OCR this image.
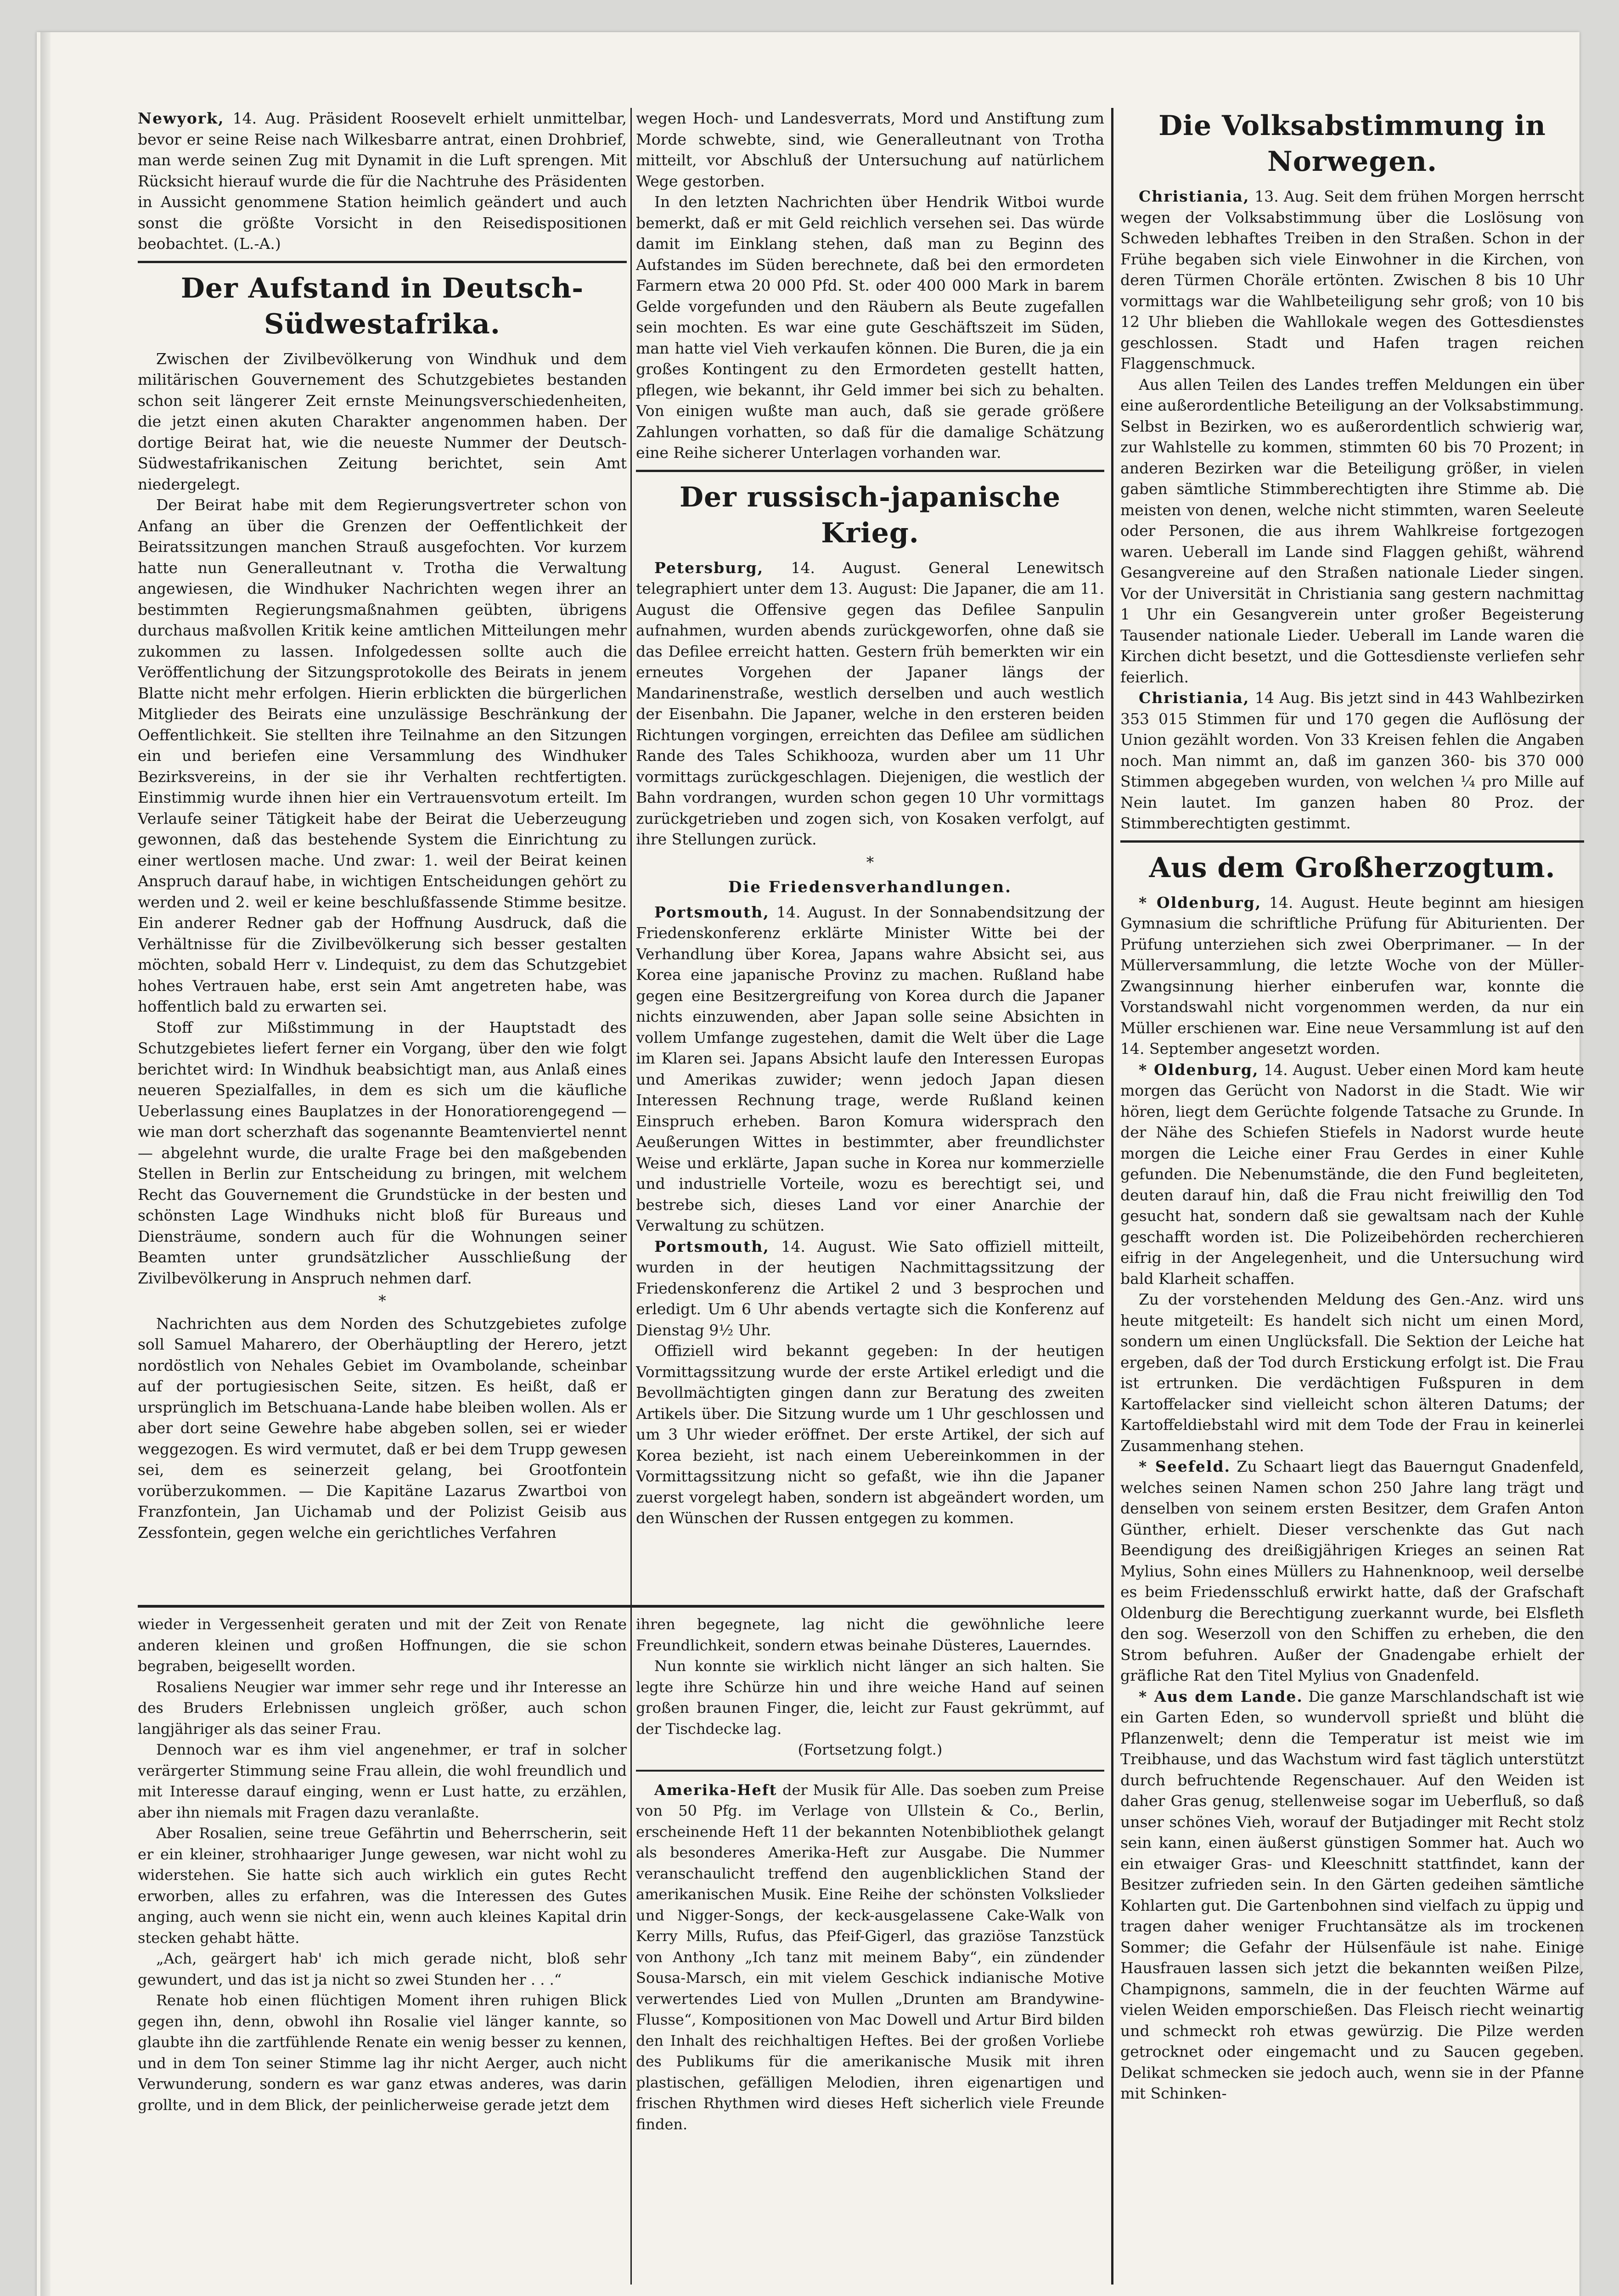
Newyork, 14. Aug. Präsident Roosevelt erhielt unmittelbar, bevor er seine Reise nach Wilkesbarre antrat, einen Drohbrief, man werde seinen Zug mit Dynamit in die Luft sprengen. Mit Rücksicht hierauf wurde die für die Nachtruhe des Präsidenten in Aussicht genommene Station heimlich geändert und auch sonst die größte Vorsicht in den Reisedispositionen beobachtet. (L.-A.)

Der Aufstand in Deutsch-Südwestafrika.

Zwischen der Zivilbevölkerung von Windhuk und dem militärischen Gouvernement des Schutzgebietes bestanden schon seit längerer Zeit ernste Meinungsverschiedenheiten, die jetzt einen akuten Charakter angenommen haben. Der dortige Beirat hat, wie die neueste Nummer der Deutsch-Südwestafrikanischen Zeitung berichtet, sein Amt niedergelegt.

Der Beirat habe mit dem Regierungsvertreter schon von Anfang an über die Grenzen der Oeffentlichkeit der Beiratssitzungen manchen Strauß ausgefochten. Vor kurzem hatte nun Generalleutnant v. Trotha die Verwaltung angewiesen, die Windhuker Nachrichten wegen ihrer an bestimmten Regierungsmaßnahmen geübten, übrigens durchaus maßvollen Kritik keine amtlichen Mitteilungen mehr zukommen zu lassen. Infolgedessen sollte auch die Veröffentlichung der Sitzungsprotokolle des Beirats in jenem Blatte nicht mehr erfolgen. Hierin erblickten die bürgerlichen Mitglieder des Beirats eine unzulässige Beschränkung der Oeffentlichkeit. Sie stellten ihre Teilnahme an den Sitzungen ein und beriefen eine Versammlung des Windhuker Bezirksvereins, in der sie ihr Verhalten rechtfertigten. Einstimmig wurde ihnen hier ein Vertrauensvotum erteilt. Im Verlaufe seiner Tätigkeit habe der Beirat die Ueberzeugung gewonnen, daß das bestehende System die Einrichtung zu einer wertlosen mache. Und zwar: 1. weil der Beirat keinen Anspruch darauf habe, in wichtigen Entscheidungen gehört zu werden und 2. weil er keine beschlußfassende Stimme besitze. Ein anderer Redner gab der Hoffnung Ausdruck, daß die Verhältnisse für die Zivilbevölkerung sich besser gestalten möchten, sobald Herr v. Lindequist, zu dem das Schutzgebiet hohes Vertrauen habe, erst sein Amt angetreten habe, was hoffentlich bald zu erwarten sei.

Stoff zur Mißstimmung in der Hauptstadt des Schutzgebietes liefert ferner ein Vorgang, über den wie folgt berichtet wird: In Windhuk beabsichtigt man, aus Anlaß eines neueren Spezialfalles, in dem es sich um die käufliche Ueberlassung eines Bauplatzes in der Honoratiorengegend — wie man dort scherzhaft das sogenannte Beamtenviertel nennt — abgelehnt wurde, die uralte Frage bei den maßgebenden Stellen in Berlin zur Entscheidung zu bringen, mit welchem Recht das Gouvernement die Grundstücke in der besten und schönsten Lage Windhuks nicht bloß für Bureaus und Diensträume, sondern auch für die Wohnungen seiner Beamten unter grundsätzlicher Ausschließung der Zivilbevölkerung in Anspruch nehmen darf.

*

Nachrichten aus dem Norden des Schutzgebietes zufolge soll Samuel Maharero, der Oberhäuptling der Herero, jetzt nordöstlich von Nehales Gebiet im Ovambolande, scheinbar auf der portugiesischen Seite, sitzen. Es heißt, daß er ursprünglich im Betschuana-Lande habe bleiben wollen. Als er aber dort seine Gewehre habe abgeben sollen, sei er wieder weggezogen. Es wird vermutet, daß er bei dem Trupp gewesen sei, dem es seinerzeit gelang, bei Grootfontein vorüberzukommen. — Die Kapitäne Lazarus Zwartboi von Franzfontein, Jan Uichamab und der Polizist Geisib aus Zessfontein, gegen welche ein gerichtliches Verfahren

wegen Hoch- und Landesverrats, Mord und Anstiftung zum Morde schwebte, sind, wie Generalleutnant von Trotha mitteilt, vor Abschluß der Untersuchung auf natürlichem Wege gestorben.

In den letzten Nachrichten über Hendrik Witboi wurde bemerkt, daß er mit Geld reichlich versehen sei. Das würde damit im Einklang stehen, daß man zu Beginn des Aufstandes im Süden berechnete, daß bei den ermordeten Farmern etwa 20 000 Pfd. St. oder 400 000 Mark in barem Gelde vorgefunden und den Räubern als Beute zugefallen sein mochten. Es war eine gute Geschäftszeit im Süden, man hatte viel Vieh verkaufen können. Die Buren, die ja ein großes Kontingent zu den Ermordeten gestellt hatten, pflegen, wie bekannt, ihr Geld immer bei sich zu behalten. Von einigen wußte man auch, daß sie gerade größere Zahlungen vorhatten, so daß für die damalige Schätzung eine Reihe sicherer Unterlagen vorhanden war.

Der russisch-japanische Krieg.

Petersburg, 14. August. General Lenewitsch telegraphiert unter dem 13. August: Die Japaner, die am 11. August die Offensive gegen das Defilee Sanpulin aufnahmen, wurden abends zurückgeworfen, ohne daß sie das Defilee erreicht hatten. Gestern früh bemerkten wir ein erneutes Vorgehen der Japaner längs der Mandarinenstraße, westlich derselben und auch westlich der Eisenbahn. Die Japaner, welche in den ersteren beiden Richtungen vorgingen, erreichten das Defilee am südlichen Rande des Tales Schikhooza, wurden aber um 11 Uhr vormittags zurückgeschlagen. Diejenigen, die westlich der Bahn vordrangen, wurden schon gegen 10 Uhr vormittags zurückgetrieben und zogen sich, von Kosaken verfolgt, auf ihre Stellungen zurück.

*
Die Friedensverhandlungen.

Portsmouth, 14. August. In der Sonnabendsitzung der Friedenskonferenz erklärte Minister Witte bei der Verhandlung über Korea, Japans wahre Absicht sei, aus Korea eine japanische Provinz zu machen. Rußland habe gegen eine Besitzergreifung von Korea durch die Japaner nichts einzuwenden, aber Japan solle seine Absichten in vollem Umfange zugestehen, damit die Welt über die Lage im Klaren sei. Japans Absicht laufe den Interessen Europas und Amerikas zuwider; wenn jedoch Japan diesen Interessen Rechnung trage, werde Rußland keinen Einspruch erheben. Baron Komura widersprach den Aeußerungen Wittes in bestimmter, aber freundlichster Weise und erklärte, Japan suche in Korea nur kommerzielle und industrielle Vorteile, wozu es berechtigt sei, und bestrebe sich, dieses Land vor einer Anarchie der Verwaltung zu schützen.

Portsmouth, 14. August. Wie Sato offiziell mitteilt, wurden in der heutigen Nachmittagssitzung der Friedenskonferenz die Artikel 2 und 3 besprochen und erledigt. Um 6 Uhr abends vertagte sich die Konferenz auf Dienstag 9½ Uhr.

Offiziell wird bekannt gegeben: In der heutigen Vormittagssitzung wurde der erste Artikel erledigt und die Bevollmächtigten gingen dann zur Beratung des zweiten Artikels über. Die Sitzung wurde um 1 Uhr geschlossen und um 3 Uhr wieder eröffnet. Der erste Artikel, der sich auf Korea bezieht, ist nach einem Uebereinkommen in der Vormittagssitzung nicht so gefaßt, wie ihn die Japaner zuerst vorgelegt haben, sondern ist abgeändert worden, um den Wünschen der Russen entgegen zu kommen.

Die Volksabstimmung in Norwegen.

Christiania, 13. Aug. Seit dem frühen Morgen herrscht wegen der Volksabstimmung über die Loslösung von Schweden lebhaftes Treiben in den Straßen. Schon in der Frühe begaben sich viele Einwohner in die Kirchen, von deren Türmen Choräle ertönten. Zwischen 8 bis 10 Uhr vormittags war die Wahlbeteiligung sehr groß; von 10 bis 12 Uhr blieben die Wahllokale wegen des Gottesdienstes geschlossen. Stadt und Hafen tragen reichen Flaggenschmuck.

Aus allen Teilen des Landes treffen Meldungen ein über eine außerordentliche Beteiligung an der Volksabstimmung. Selbst in Bezirken, wo es außerordentlich schwierig war, zur Wahlstelle zu kommen, stimmten 60 bis 70 Prozent; in anderen Bezirken war die Beteiligung größer, in vielen gaben sämtliche Stimmberechtigten ihre Stimme ab. Die meisten von denen, welche nicht stimmten, waren Seeleute oder Personen, die aus ihrem Wahlkreise fortgezogen waren. Ueberall im Lande sind Flaggen gehißt, während Gesangvereine auf den Straßen nationale Lieder singen. Vor der Universität in Christiania sang gestern nachmittag 1 Uhr ein Gesangverein unter großer Begeisterung Tausender nationale Lieder. Ueberall im Lande waren die Kirchen dicht besetzt, und die Gottesdienste verliefen sehr feierlich.

Christiania, 14 Aug. Bis jetzt sind in 443 Wahlbezirken 353 015 Stimmen für und 170 gegen die Auflösung der Union gezählt worden. Von 33 Kreisen fehlen die Angaben noch. Man nimmt an, daß im ganzen 360- bis 370 000 Stimmen abgegeben wurden, von welchen ¼ pro Mille auf Nein lautet. Im ganzen haben 80 Proz. der Stimmberechtigten gestimmt.

Aus dem Großherzogtum.

* Oldenburg, 14. August. Heute beginnt am hiesigen Gymnasium die schriftliche Prüfung für Abiturienten. Der Prüfung unterziehen sich zwei Oberprimaner. — In der Müllerversammlung, die letzte Woche von der Müller-Zwangsinnung hierher einberufen war, konnte die Vorstandswahl nicht vorgenommen werden, da nur ein Müller erschienen war. Eine neue Versammlung ist auf den 14. September angesetzt worden.

* Oldenburg, 14. August. Ueber einen Mord kam heute morgen das Gerücht von Nadorst in die Stadt. Wie wir hören, liegt dem Gerüchte folgende Tatsache zu Grunde. In der Nähe des Schiefen Stiefels in Nadorst wurde heute morgen die Leiche einer Frau Gerdes in einer Kuhle gefunden. Die Nebenumstände, die den Fund begleiteten, deuten darauf hin, daß die Frau nicht freiwillig den Tod gesucht hat, sondern daß sie gewaltsam nach der Kuhle geschafft worden ist. Die Polizeibehörden recherchieren eifrig in der Angelegenheit, und die Untersuchung wird bald Klarheit schaffen.

Zu der vorstehenden Meldung des Gen.-Anz. wird uns heute mitgeteilt: Es handelt sich nicht um einen Mord, sondern um einen Unglücksfall. Die Sektion der Leiche hat ergeben, daß der Tod durch Erstickung erfolgt ist. Die Frau ist ertrunken. Die verdächtigen Fußspuren in dem Kartoffelacker sind vielleicht schon älteren Datums; der Kartoffeldiebstahl wird mit dem Tode der Frau in keinerlei Zusammenhang stehen.

* Seefeld. Zu Schaart liegt das Bauerngut Gnadenfeld, welches seinen Namen schon 250 Jahre lang trägt und denselben von seinem ersten Besitzer, dem Grafen Anton Günther, erhielt. Dieser verschenkte das Gut nach Beendigung des dreißigjährigen Krieges an seinen Rat Mylius, Sohn eines Müllers zu Hahnenknoop, weil derselbe es beim Friedensschluß erwirkt hatte, daß der Grafschaft Oldenburg die Berechtigung zuerkannt wurde, bei Elsfleth den sog. Weserzoll von den Schiffen zu erheben, die den Strom befuhren. Außer der Gnadengabe erhielt der gräfliche Rat den Titel Mylius von Gnadenfeld.

* Aus dem Lande. Die ganze Marschlandschaft ist wie ein Garten Eden, so wundervoll sprießt und blüht die Pflanzenwelt; denn die Temperatur ist meist wie im Treibhause, und das Wachstum wird fast täglich unterstützt durch befruchtende Regenschauer. Auf den Weiden ist daher Gras genug, stellenweise sogar im Ueberfluß, so daß unser schönes Vieh, worauf der Butjadinger mit Recht stolz sein kann, einen äußerst günstigen Sommer hat. Auch wo ein etwaiger Gras- und Kleeschnitt stattfindet, kann der Besitzer zufrieden sein. In den Gärten gedeihen sämtliche Kohlarten gut. Die Gartenbohnen sind vielfach zu üppig und tragen daher weniger Fruchtansätze als im trockenen Sommer; die Gefahr der Hülsenfäule ist nahe. Einige Hausfrauen lassen sich jetzt die bekannten weißen Pilze, Champignons, sammeln, die in der feuchten Wärme auf vielen Weiden emporschießen. Das Fleisch riecht weinartig und schmeckt roh etwas gewürzig. Die Pilze werden getrocknet oder eingemacht und zu Saucen gegeben. Delikat schmecken sie jedoch auch, wenn sie in der Pfanne mit Schinken-

wieder in Vergessenheit geraten und mit der Zeit von Renate anderen kleinen und großen Hoffnungen, die sie schon begraben, beigesellt worden.

Rosaliens Neugier war immer sehr rege und ihr Interesse an des Bruders Erlebnissen ungleich größer, auch schon langjähriger als das seiner Frau.

Dennoch war es ihm viel angenehmer, er traf in solcher verärgerter Stimmung seine Frau allein, die wohl freundlich und mit Interesse darauf einging, wenn er Lust hatte, zu erzählen, aber ihn niemals mit Fragen dazu veranlaßte.

Aber Rosalien, seine treue Gefährtin und Beherrscherin, seit er ein kleiner, strohhaariger Junge gewesen, war nicht wohl zu widerstehen. Sie hatte sich auch wirklich ein gutes Recht erworben, alles zu erfahren, was die Interessen des Gutes anging, auch wenn sie nicht ein, wenn auch kleines Kapital drin stecken gehabt hätte.

„Ach, geärgert hab' ich mich gerade nicht, bloß sehr gewundert, und das ist ja nicht so zwei Stunden her . . .“

Renate hob einen flüchtigen Moment ihren ruhigen Blick gegen ihn, denn, obwohl ihn Rosalie viel länger kannte, so glaubte ihn die zartfühlende Renate ein wenig besser zu kennen, und in dem Ton seiner Stimme lag ihr nicht Aerger, auch nicht Verwunderung, sondern es war ganz etwas anderes, was darin grollte, und in dem Blick, der peinlicherweise gerade jetzt dem

ihren begegnete, lag nicht die gewöhnliche leere Freundlichkeit, sondern etwas beinahe Düsteres, Lauerndes.

Nun konnte sie wirklich nicht länger an sich halten. Sie legte ihre Schürze hin und ihre weiche Hand auf seinen großen braunen Finger, die, leicht zur Faust gekrümmt, auf der Tischdecke lag.

(Fortsetzung folgt.)

Amerika-Heft der Musik für Alle. Das soeben zum Preise von 50 Pfg. im Verlage von Ullstein & Co., Berlin, erscheinende Heft 11 der bekannten Notenbibliothek gelangt als besonderes Amerika-Heft zur Ausgabe. Die Nummer veranschaulicht treffend den augenblicklichen Stand der amerikanischen Musik. Eine Reihe der schönsten Volkslieder und Nigger-Songs, der keck-ausgelassene Cake-Walk von Kerry Mills, Rufus, das Pfeif-Gigerl, das graziöse Tanzstück von Anthony „Ich tanz mit meinem Baby“, ein zündender Sousa-Marsch, ein mit vielem Geschick indianische Motive verwertendes Lied von Mullen „Drunten am Brandywine-Flusse“, Kompositionen von Mac Dowell und Artur Bird bilden den Inhalt des reichhaltigen Heftes. Bei der großen Vorliebe des Publikums für die amerikanische Musik mit ihren plastischen, gefälligen Melodien, ihren eigenartigen und frischen Rhythmen wird dieses Heft sicherlich viele Freunde finden.
